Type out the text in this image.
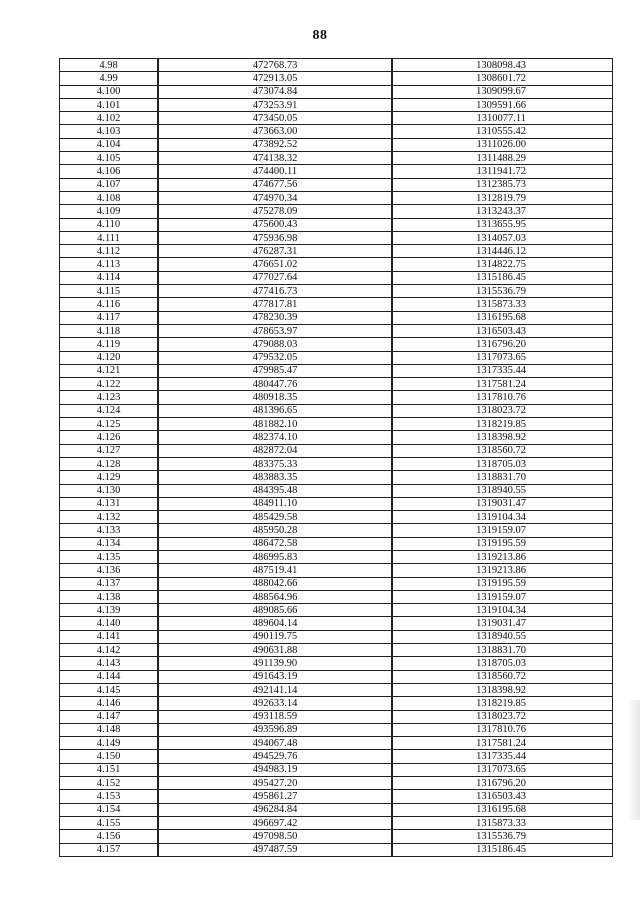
88
4.98	472768.73	1308098.43
4.99	472913.05	1308601.72
4.100	473074.84	1309099.67
4.101	473253.91	1309591.66
4.102	473450.05	1310077.11
4.103	473663.00	1310555.42
4.104	473892.52	1311026.00
4.105	474138.32	1311488.29
4.106	474400.11	1311941.72
4.107	474677.56	1312385.73
4.108	474970.34	1312819.79
4.109	475278.09	1313243.37
4.110	475600.43	1313655.95
4.111	475936.98	1314057.03
4.112	476287.31	1314446.12
4.113	476651.02	1314822.75
4.114	477027.64	1315186.45
4.115	477416.73	1315536.79
4.116	477817.81	1315873.33
4.117	478230.39	1316195.68
4.118	478653.97	1316503.43
4.119	479088.03	1316796.20
4.120	479532.05	1317073.65
4.121	479985.47	1317335.44
4.122	480447.76	1317581.24
4.123	480918.35	1317810.76
4.124	481396.65	1318023.72
4.125	481882.10	1318219.85
4.126	482374.10	1318398.92
4.127	482872.04	1318560.72
4.128	483375.33	1318705.03
4.129	483883.35	1318831.70
4.130	484395.48	1318940.55
4.131	484911.10	1319031.47
4.132	485429.58	1319104.34
4.133	485950.28	1319159.07
4.134	486472.58	1319195.59
4.135	486995.83	1319213.86
4.136	487519.41	1319213.86
4.137	488042.66	1319195.59
4.138	488564.96	1319159.07
4.139	489085.66	1319104.34
4.140	489604.14	1319031.47
4.141	490119.75	1318940.55
4.142	490631.88	1318831.70
4.143	491139.90	1318705.03
4.144	491643.19	1318560.72
4.145	492141.14	1318398.92
4.146	492633.14	1318219.85
4.147	493118.59	1318023.72
4.148	493596.89	1317810.76
4.149	494067.48	1317581.24
4.150	494529.76	1317335.44
4.151	494983.19	1317073.65
4.152	495427.20	1316796.20
4.153	495861.27	1316503.43
4.154	496284.84	1316195.68
4.155	496697.42	1315873.33
4.156	497098.50	1315536.79
4.157	497487.59	1315186.45
